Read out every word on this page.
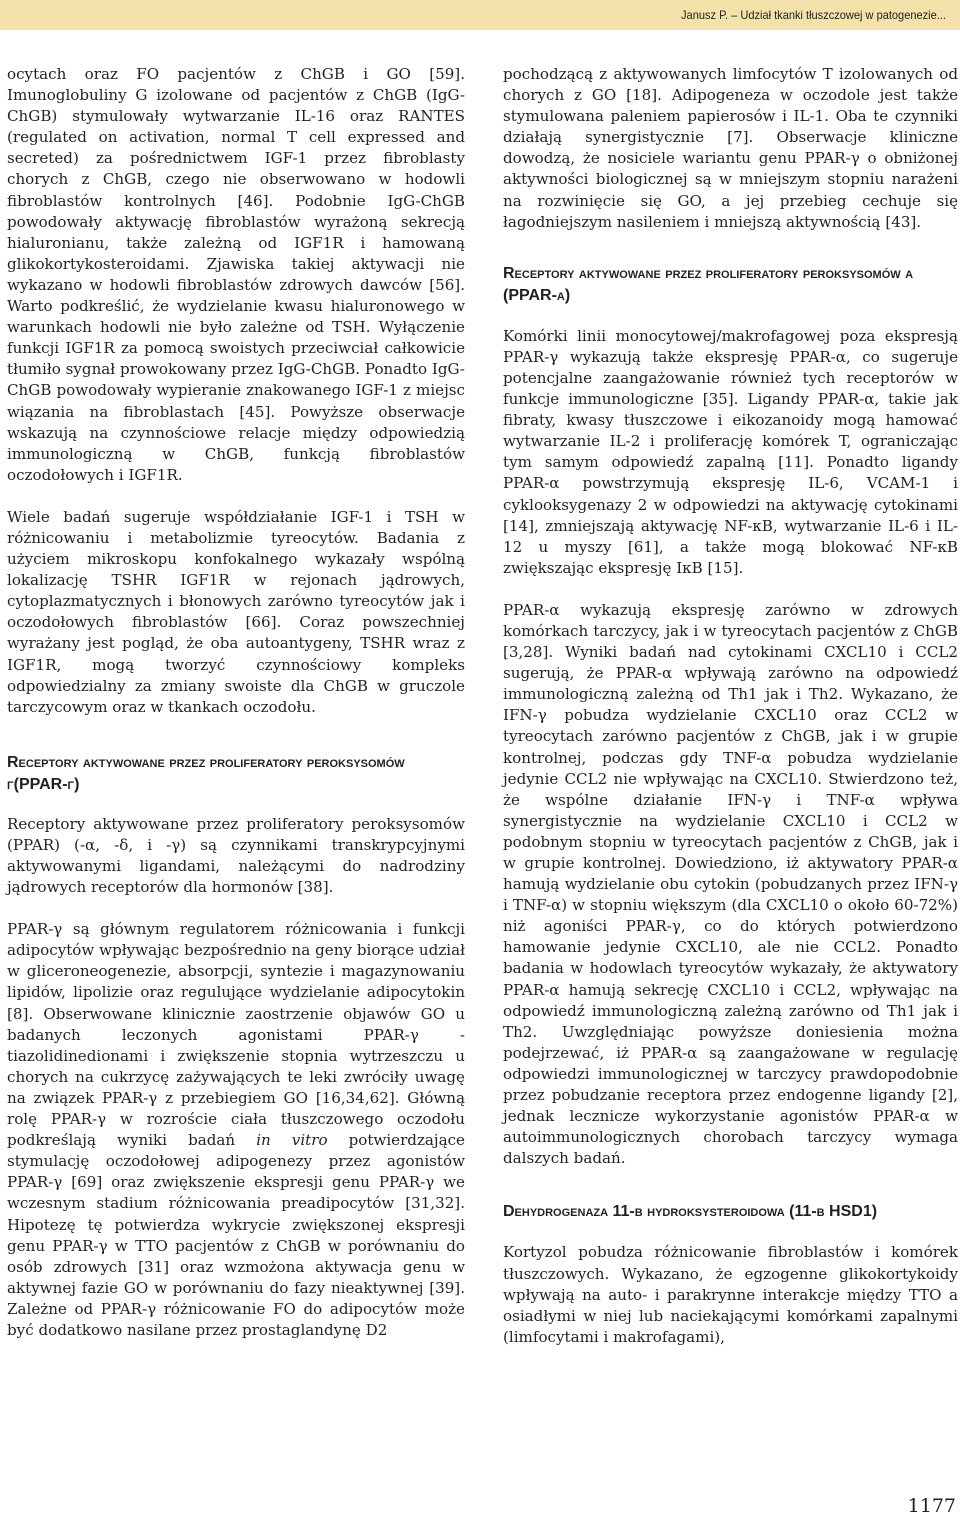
Janusz P. – Udział tkanki tłuszczowej w patogenezie...

ocytach oraz FO pacjentów z ChGB i GO [59]. Imunoglobuliny G izolowane od pacjentów z ChGB (IgG-ChGB) stymulowały wytwarzanie IL-16 oraz RANTES (regulated on activation, normal T cell expressed and secreted) za pośrednictwem IGF-1 przez fibroblasty chorych z ChGB, czego nie obserwowano w hodowli fibroblastów kontrolnych [46]. Podobnie IgG-ChGB powodowały aktywację fibroblastów wyrażoną sekrecją hialuronianu, także zależną od IGF1R i hamowaną glikokortykosteroidami. Zjawiska takiej aktywacji nie wykazano w hodowli fibroblastów zdrowych dawców [56]. Warto podkreślić, że wydzielanie kwasu hialuronowego w warunkach hodowli nie było zależne od TSH. Wyłączenie funkcji IGF1R za pomocą swoistych przeciwciał całkowicie tłumiło sygnał prowokowany przez IgG-ChGB. Ponadto IgG-ChGB powodowały wypieranie znakowanego IGF-1 z miejsc wiązania na fibroblastach [45]. Powyższe obserwacje wskazują na czynnościowe relacje między odpowiedzią immunologiczną w ChGB, funkcją fibroblastów oczodołowych i IGF1R.

Wiele badań sugeruje współdziałanie IGF-1 i TSH w różnicowaniu i metabolizmie tyreocytów. Badania z użyciem mikroskopu konfokalnego wykazały wspólną lokalizację TSHR IGF1R w rejonach jądrowych, cytoplazmatycznych i błonowych zarówno tyreocytów jak i oczodołowych fibroblastów [66]. Coraz powszechniej wyrażany jest pogląd, że oba autoantygeny, TSHR wraz z IGF1R, mogą tworzyć czynnościowy kompleks odpowiedzialny za zmiany swoiste dla ChGB w gruczole tarczycowym oraz w tkankach oczodołu.

Receptory aktywowane przez proliferatory peroksysomów γ(PPAR-γ)

Receptory aktywowane przez proliferatory peroksysomów (PPAR) (-α, -δ, i -γ) są czynnikami transkrypcyjnymi aktywowanymi ligandami, należącymi do nadrodziny jądrowych receptorów dla hormonów [38].

PPAR-γ są głównym regulatorem różnicowania i funkcji adipocytów wpływając bezpośrednio na geny biorące udział w gliceroneogenezie, absorpcji, syntezie i magazynowaniu lipidów, lipolizie oraz regulujące wydzielanie adipocytokin [8]. Obserwowane klinicznie zaostrzenie objawów GO u badanych leczonych agonistami PPAR-γ - tiazolidinedionami i zwiększenie stopnia wytrzeszczu u chorych na cukrzycę zażywających te leki zwróciły uwagę na związek PPAR-γ z przebiegiem GO [16,34,62]. Główną rolę PPAR-γ w rozroście ciała tłuszczowego oczodołu podkreślają wyniki badań in vitro potwierdzające stymulację oczodołowej adipogenezy przez agonistów PPAR-γ [69] oraz zwiększenie ekspresji genu PPAR-γ we wczesnym stadium różnicowania preadipocytów [31,32]. Hipotezę tę potwierdza wykrycie zwiększonej ekspresji genu PPAR-γ w TTO pacjentów z ChGB w porównaniu do osób zdrowych [31] oraz wzmożona aktywacja genu w aktywnej fazie GO w porównaniu do fazy nieaktywnej [39]. Zależne od PPAR-γ różnicowanie FO do adipocytów może być dodatkowo nasilane przez prostaglandynę D2

pochodzącą z aktywowanych limfocytów T izolowanych od chorych z GO [18]. Adipogeneza w oczodole jest także stymulowana paleniem papierosów i IL-1. Oba te czynniki działają synergistycznie [7]. Obserwacje kliniczne dowodzą, że nosiciele wariantu genu PPAR-γ o obniżonej aktywności biologicznej są w mniejszym stopniu narażeni na rozwinięcie się GO, a jej przebieg cechuje się łagodniejszym nasileniem i mniejszą aktywnością [43].

Receptory aktywowane przez proliferatory peroksysomów α (PPAR-α)

Komórki linii monocytowej/makrofagowej poza ekspresją PPAR-γ wykazują także ekspresję PPAR-α, co sugeruje potencjalne zaangażowanie również tych receptorów w funkcje immunologiczne [35]. Ligandy PPAR-α, takie jak fibraty, kwasy tłuszczowe i eikozanoidy mogą hamować wytwarzanie IL-2 i proliferację komórek T, ograniczając tym samym odpowiedź zapalną [11]. Ponadto ligandy PPAR-α powstrzymują ekspresję IL-6, VCAM-1 i cyklooksygenazy 2 w odpowiedzi na aktywację cytokinami [14], zmniejszają aktywację NF-κB, wytwarzanie IL-6 i IL-12 u myszy [61], a także mogą blokować NF-κB zwiększając ekspresję IκB [15].

PPAR-α wykazują ekspresję zarówno w zdrowych komórkach tarczycy, jak i w tyreocytach pacjentów z ChGB [3,28]. Wyniki badań nad cytokinami CXCL10 i CCL2 sugerują, że PPAR-α wpływają zarówno na odpowiedź immunologiczną zależną od Th1 jak i Th2. Wykazano, że IFN-γ pobudza wydzielanie CXCL10 oraz CCL2 w tyreocytach zarówno pacjentów z ChGB, jak i w grupie kontrolnej, podczas gdy TNF-α pobudza wydzielanie jedynie CCL2 nie wpływając na CXCL10. Stwierdzono też, że wspólne działanie IFN-γ i TNF-α wpływa synergistycznie na wydzielanie CXCL10 i CCL2 w podobnym stopniu w tyreocytach pacjentów z ChGB, jak i w grupie kontrolnej. Dowiedziono, iż aktywatory PPAR-α hamują wydzielanie obu cytokin (pobudzanych przez IFN-γ i TNF-α) w stopniu większym (dla CXCL10 o około 60-72%) niż agoniści PPAR-γ, co do których potwierdzono hamowanie jedynie CXCL10, ale nie CCL2. Ponadto badania w hodowlach tyreocytów wykazały, że aktywatory PPAR-α hamują sekrecję CXCL10 i CCL2, wpływając na odpowiedź immunologiczną zależną zarówno od Th1 jak i Th2. Uwzględniając powyższe doniesienia można podejrzewać, iż PPAR-α są zaangażowane w regulację odpowiedzi immunologicznej w tarczycy prawdopodobnie przez pobudzanie receptora przez endogenne ligandy [2], jednak lecznicze wykorzystanie agonistów PPAR-α w autoimmunologicznych chorobach tarczycy wymaga dalszych badań.

Dehydrogenaza 11-β hydroksysteroidowa (11-β HSD1)

Kortyzol pobudza różnicowanie fibroblastów i komórek tłuszczowych. Wykazano, że egzogenne glikokortykoidy wpływają na auto- i parakrynne interakcje między TTO a osiadłymi w niej lub naciekającymi komórkami zapalnymi (limfocytami i makrofagami),

1177
